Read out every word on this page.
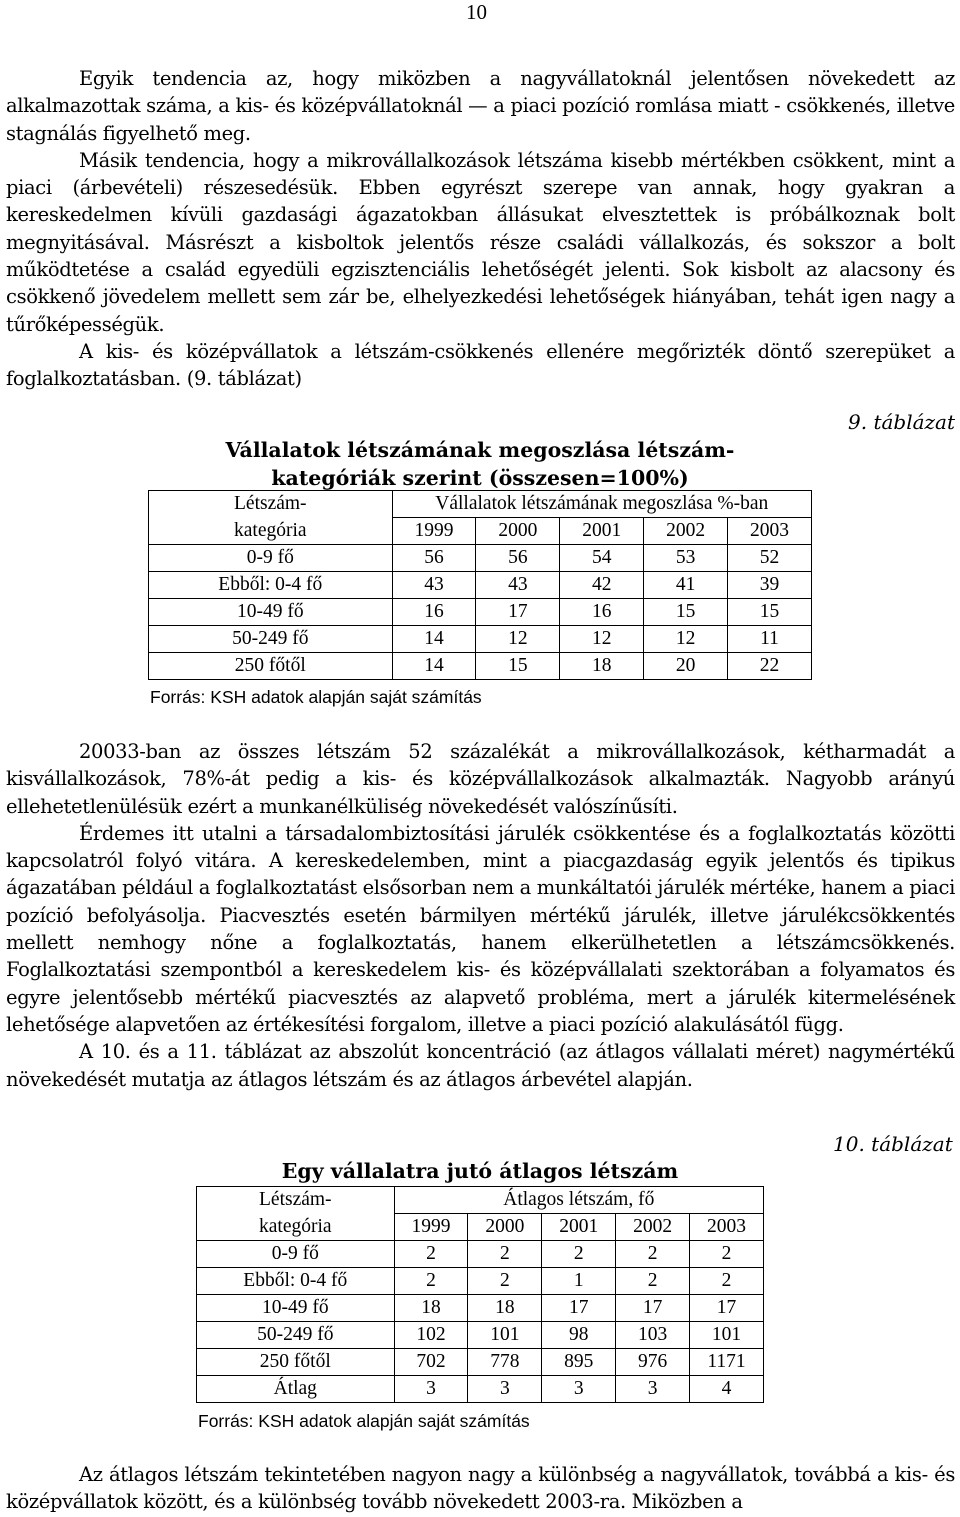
10

Egyik tendencia az, hogy miközben a nagyvállatoknál jelentősen növekedett az alkalmazottak száma, a kis- és középvállatoknál — a piaci pozíció romlása miatt - csökkenés, illetve stagnálás figyelhető meg.

Másik tendencia, hogy a mikrovállalkozások létszáma kisebb mértékben csökkent, mint a piaci (árbevételi) részesedésük. Ebben egyrészt szerepe van annak, hogy gyakran a kereskedelmen kívüli gazdasági ágazatokban állásukat elvesztettek is próbálkoznak bolt megnyitásával. Másrészt a kisboltok jelentős része családi vállalkozás, és sokszor a bolt működtetése a család egyedüli egzisztenciális lehetőségét jelenti. Sok kisbolt az alacsony és csökkenő jövedelem mellett sem zár be, elhelyezkedési lehetőségek hiányában, tehát igen nagy a tűrőképességük.

A kis- és középvállatok a létszám-csökkenés ellenére megőrizték döntő szerepüket a foglalkoztatásban. (9. táblázat)

9. táblázat
Vállalatok létszámának megoszlása létszám-
kategóriák szerint (összesen=100%)
Létszám-	Vállalatok létszámának megoszlása %-ban				
kategória	1999	2000	2001	2002	2003
0-9 fő	56	56	54	53	52
Ebből: 0-4 fő	43	43	42	41	39
10-49 fő	16	17	16	15	15
50-249 fő	14	12	12	12	11
250 főtől	14	15	18	20	22
Forrás: KSH adatok alapján saját számítás

20033-ban az összes létszám 52 százalékát a mikrovállalkozások, kétharmadát a kisvállalkozások, 78%-át pedig a kis- és középvállalkozások alkalmazták. Nagyobb arányú ellehetetlenülésük ezért a munkanélküliség növekedését valószínűsíti.

Érdemes itt utalni a társadalombiztosítási járulék csökkentése és a foglalkoztatás közötti kapcsolatról folyó vitára. A kereskedelemben, mint a piacgazdaság egyik jelentős és tipikus ágazatában például a foglalkoztatást elsősorban nem a munkáltatói járulék mértéke, hanem a piaci pozíció befolyásolja. Piacvesztés esetén bármilyen mértékű járulék, illetve járulékcsökkentés mellett nemhogy nőne a foglalkoztatás, hanem elkerülhetetlen a létszámcsökkenés. Foglalkoztatási szempontból a kereskedelem kis- és középvállalati szektorában a folyamatos és egyre jelentősebb mértékű piacvesztés az alapvető probléma, mert a járulék kitermelésének lehetősége alapvetően az értékesítési forgalom, illetve a piaci pozíció alakulásától függ.

A 10. és a 11. táblázat az abszolút koncentráció (az átlagos vállalati méret) nagymértékű növekedését mutatja az átlagos létszám és az átlagos árbevétel alapján.

10. táblázat
Egy vállalatra jutó átlagos létszám
Létszám-	Átlagos létszám, fő				
kategória	1999	2000	2001	2002	2003
0-9 fő	2	2	2	2	2
Ebből: 0-4 fő	2	2	1	2	2
10-49 fő	18	18	17	17	17
50-249 fő	102	101	98	103	101
250 főtől	702	778	895	976	1171
Átlag	3	3	3	3	4
Forrás: KSH adatok alapján saját számítás

Az átlagos létszám tekintetében nagyon nagy a különbség a nagyvállatok, továbbá a kis- és középvállatok között, és a különbség tovább növekedett 2003-ra. Miközben a
